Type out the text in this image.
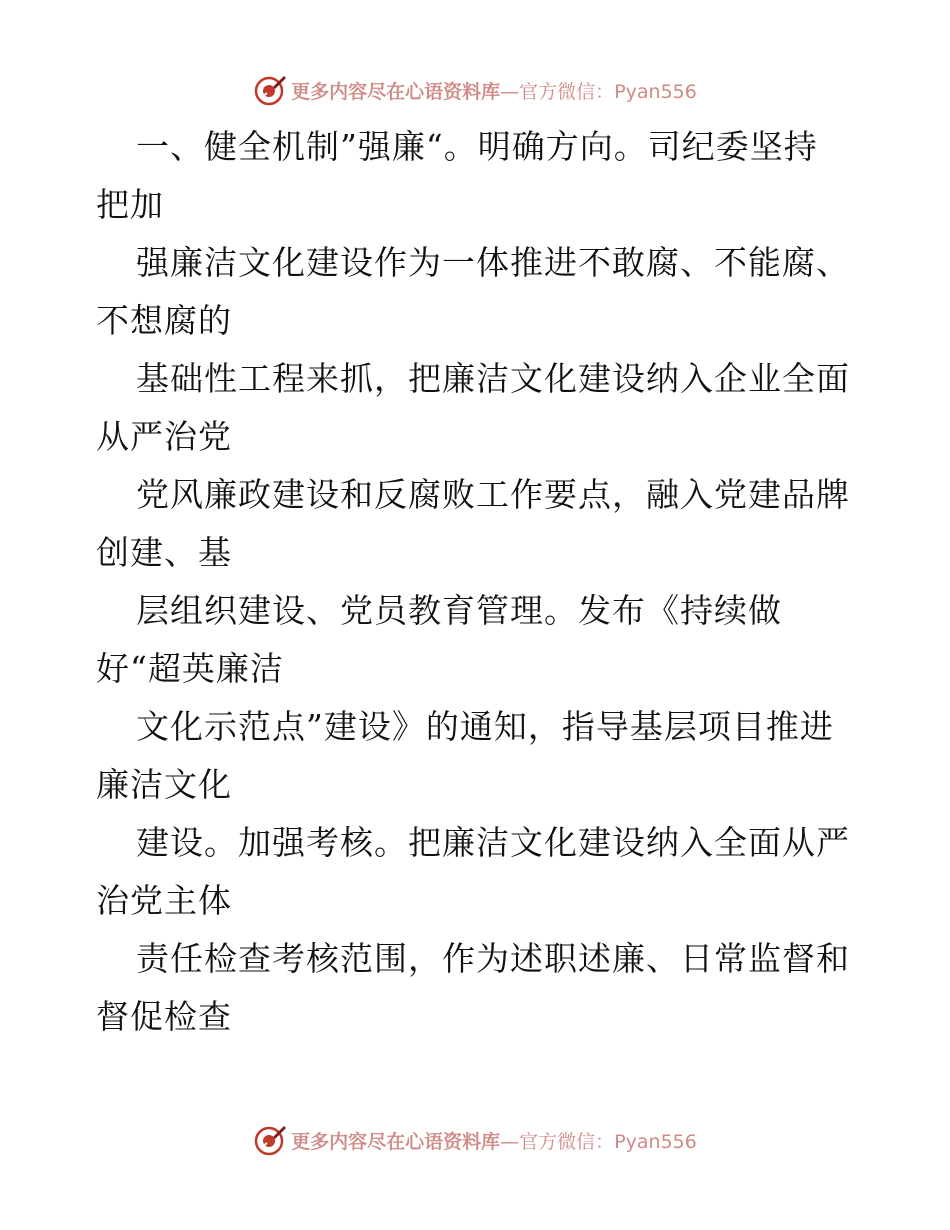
更多内容尽在心语资料库—官方微信：Pyan556

一、健全机制”强廉“。明确方向。司纪委坚持
把加

强廉洁文化建设作为一体推进不敢腐、不能腐、
不想腐的

基础性工程来抓，把廉洁文化建设纳入企业全面
从严治党

党风廉政建设和反腐败工作要点，融入党建品牌
创建、基

层组织建设、党员教育管理。发布《持续做
好“超英廉洁

文化示范点”建设》的通知，指导基层项目推进
廉洁文化

建设。加强考核。把廉洁文化建设纳入全面从严
治党主体

责任检查考核范围，作为述职述廉、日常监督和
督促检查

更多内容尽在心语资料库—官方微信：Pyan556
